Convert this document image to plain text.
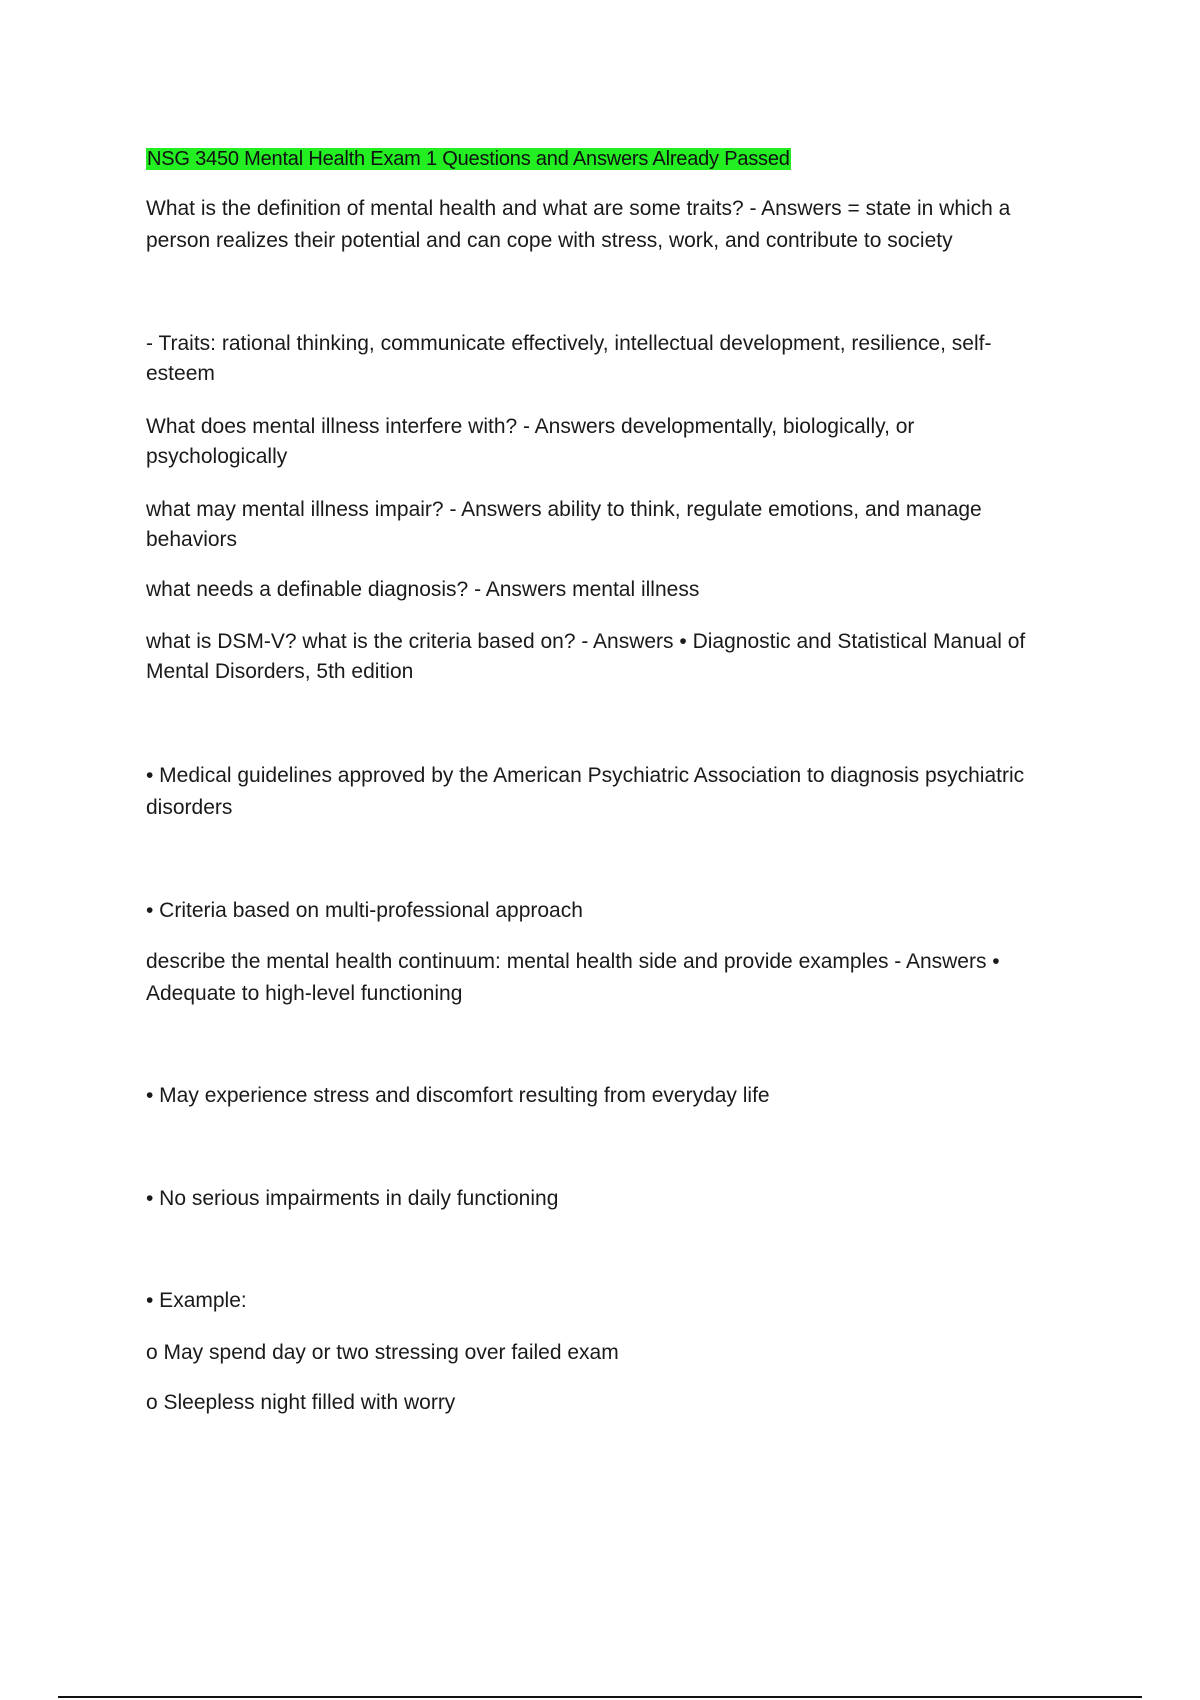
NSG 3450 Mental Health Exam 1 Questions and Answers Already Passed
What is the definition of mental health and what are some traits? - Answers = state in which a
person realizes their potential and can cope with stress, work, and contribute to society
- Traits: rational thinking, communicate effectively, intellectual development, resilience, self-
esteem
What does mental illness interfere with? - Answers developmentally, biologically, or
psychologically
what may mental illness impair? - Answers ability to think, regulate emotions, and manage
behaviors
what needs a definable diagnosis? - Answers mental illness
what is DSM-V? what is the criteria based on? - Answers • Diagnostic and Statistical Manual of
Mental Disorders, 5th edition
• Medical guidelines approved by the American Psychiatric Association to diagnosis psychiatric
disorders
• Criteria based on multi-professional approach
describe the mental health continuum: mental health side and provide examples - Answers •
Adequate to high-level functioning
• May experience stress and discomfort resulting from everyday life
• No serious impairments in daily functioning
• Example:
o May spend day or two stressing over failed exam
o Sleepless night filled with worry
